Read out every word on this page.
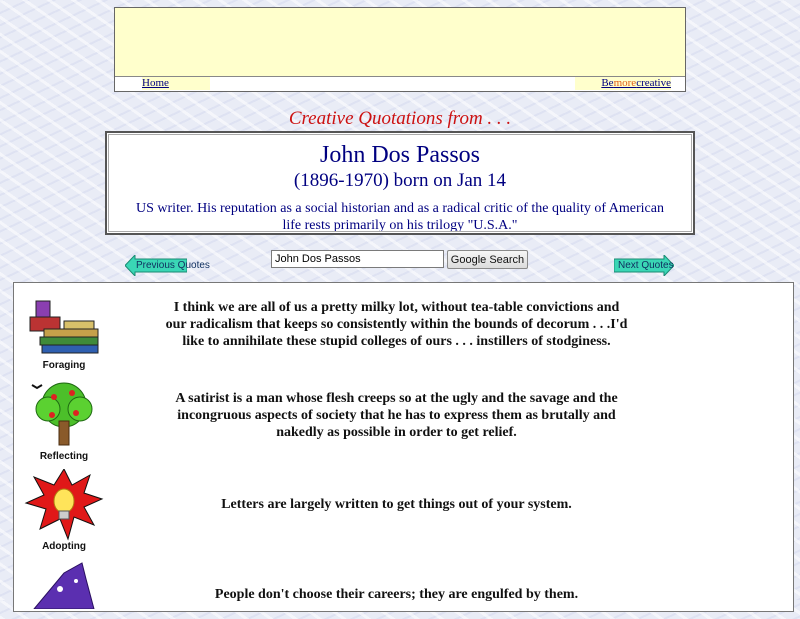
Home	Bemorecreative
Creative Quotations from . . .
John Dos Passos
(1896-1970) born on Jan 14
US writer. His reputation as a social historian and as a radical critic of the quality of American life rests primarily on his trilogy "U.S.A."
Previous Quotes
John Dos Passos	Google Search	Next Quotes
Foraging
Reflecting
Adopting
I think we are all of us a pretty milky lot, without tea-table convictions and our radicalism that keeps so consistently within the bounds of decorum . . .I'd like to annihilate these stupid colleges of ours . . . instillers of stodginess.
A satirist is a man whose flesh creeps so at the ugly and the savage and the incongruous aspects of society that he has to express them as brutally and nakedly as possible in order to get relief.
Letters are largely written to get things out of your system.
People don't choose their careers; they are engulfed by them.
